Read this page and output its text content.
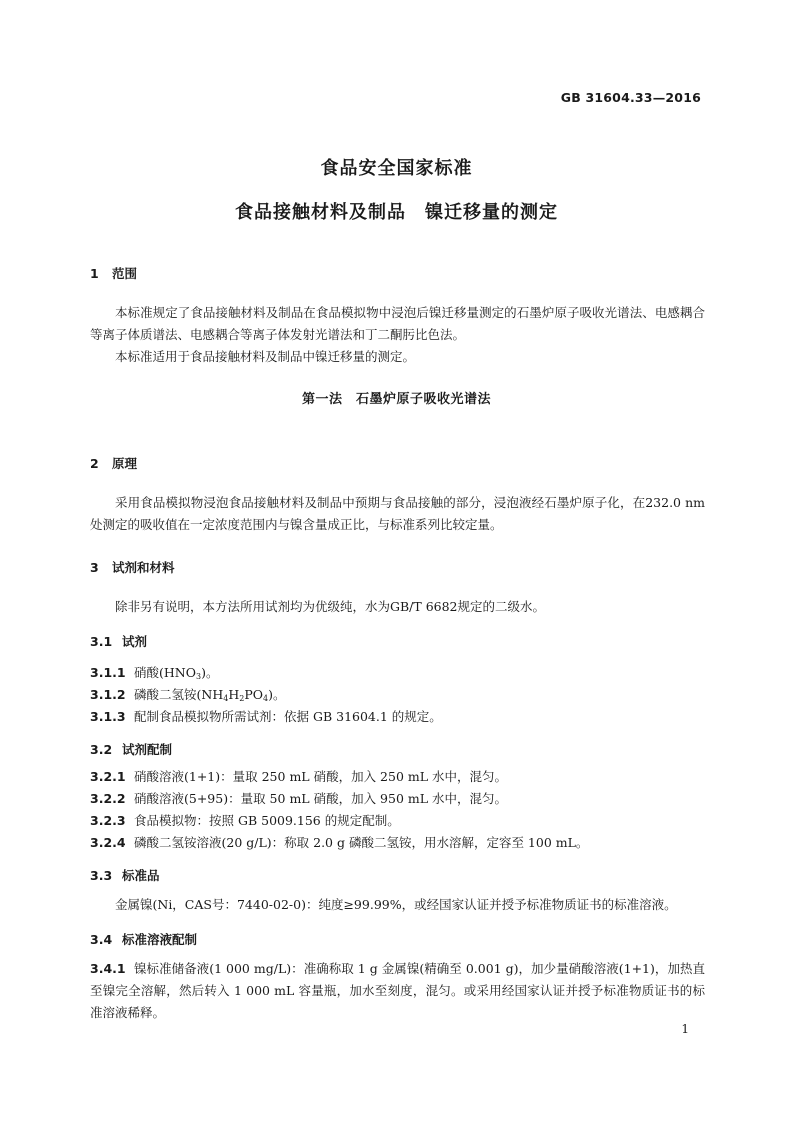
GB 31604.33—2016
食品安全国家标准
食品接触材料及制品　镍迁移量的测定
1 范围
本标准规定了食品接触材料及制品在食品模拟物中浸泡后镍迁移量测定的石墨炉原子吸收光谱法、电感耦合等离子体质谱法、电感耦合等离子体发射光谱法和丁二酮肟比色法。
本标准适用于食品接触材料及制品中镍迁移量的测定。
第一法　石墨炉原子吸收光谱法
2 原理
采用食品模拟物浸泡食品接触材料及制品中预期与食品接触的部分，浸泡液经石墨炉原子化，在232.0 nm处测定的吸收值在一定浓度范围内与镍含量成正比，与标准系列比较定量。
3 试剂和材料
除非另有说明，本方法所用试剂均为优级纯，水为GB/T 6682规定的二级水。
3.1 试剂
3.1.1 硝酸$(HNO_3)$。
3.1.2 磷酸二氢铵$(NH_4H_2PO_4)$。
3.1.3 配制食品模拟物所需试剂：依据 GB 31604.1 的规定。
3.2 试剂配制
3.2.1 硝酸溶液(1+1)：量取 250 mL 硝酸，加入 250 mL 水中，混匀。
3.2.2 硝酸溶液(5+95)：量取 50 mL 硝酸，加入 950 mL 水中，混匀。
3.2.3 食品模拟物：按照 GB 5009.156 的规定配制。
3.2.4 磷酸二氢铵溶液(20 g/L)：称取 2.0 g 磷酸二氢铵，用水溶解，定容至 100 mL。
3.3 标准品
金属镍(Ni，CAS号：7440-02-0)：纯度≥99.99%，或经国家认证并授予标准物质证书的标准溶液。
3.4 标准溶液配制
3.4.1 镍标准储备液(1 000 mg/L)：准确称取 1 g 金属镍(精确至 0.001 g)，加少量硝酸溶液(1+1)，加热直至镍完全溶解，然后转入 1 000 mL 容量瓶，加水至刻度，混匀。或采用经国家认证并授予标准物质证书的标准溶液稀释。
1
